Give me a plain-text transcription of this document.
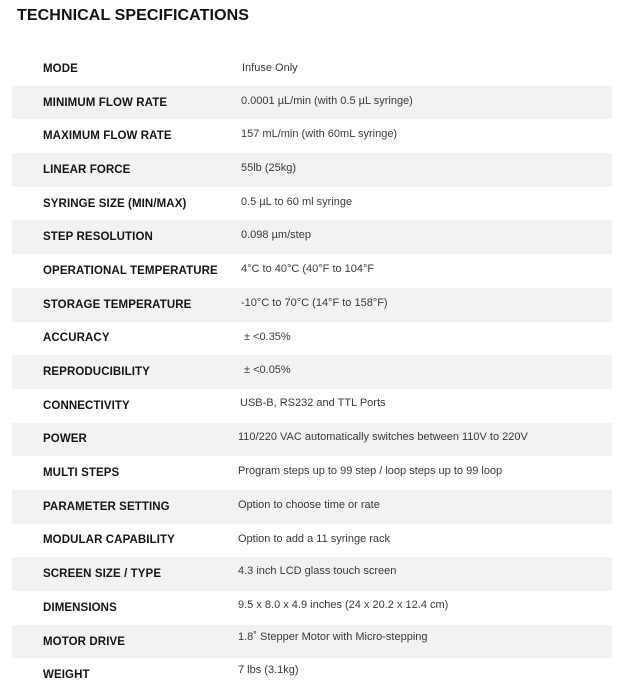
TECHNICAL SPECIFICATIONS
MODE	Infuse Only
MINIMUM FLOW RATE	0.0001 µL/min (with 0.5 µL syringe)
MAXIMUM FLOW RATE	157 mL/min (with 60mL syringe)
LINEAR FORCE	55lb (25kg)
SYRINGE SIZE (MIN/MAX)	0.5 µL to 60 ml syringe
STEP RESOLUTION	0.098 µm/step
OPERATIONAL TEMPERATURE 4°C to 40°C (40°F to 104°F
STORAGE TEMPERATURE	-10°C to 70°C (14°F to 158°F)
ACCURACY	± <0.35%
REPRODUCIBILITY	± <0.05%
CONNECTIVITY	USB-B, RS232 and TTL Ports
POWER	110/220 VAC automatically switches between 110V to 220V
MULTI STEPS	Program steps up to 99 step / loop steps up to 99 loop
PARAMETER SETTING	Option to choose time or rate
MODULAR CAPABILITY	Option to add a 11 syringe rack
SCREEN SIZE / TYPE	4.3 inch LCD glass touch screen
DIMENSIONS	9.5 x 8.0 x 4.9 inches (24 x 20.2 x 12.4 cm)
MOTOR DRIVE	1.8˚ Stepper Motor with Micro-stepping
WEIGHT	7 lbs (3.1kg)
